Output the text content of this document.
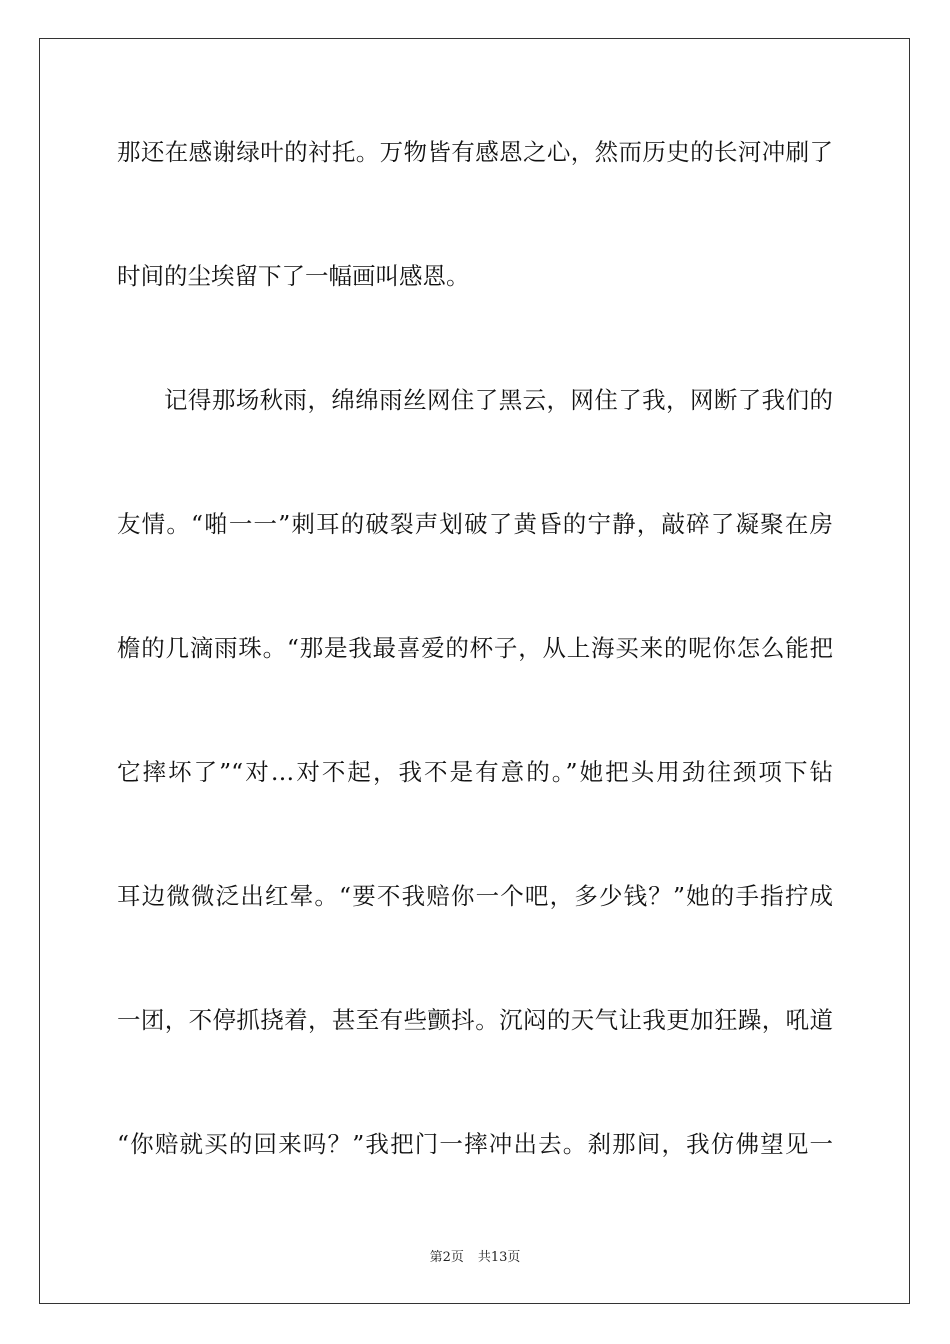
那还在感谢绿叶的衬托。万物皆有感恩之心，然而历史的长河冲刷了
时间的尘埃留下了一幅画叫感恩。
记得那场秋雨，绵绵雨丝网住了黑云，网住了我，网断了我们的
友情。“啪一一”刺耳的破裂声划破了黄昏的宁静，敲碎了凝聚在房
檐的几滴雨珠。“那是我最喜爱的杯子，从上海买来的呢你怎么能把
它摔坏了”“对…对不起，我不是有意的。”她把头用劲往颈项下钻
耳边微微泛出红晕。“要不我赔你一个吧，多少钱？”她的手指拧成
一团，不停抓挠着，甚至有些颤抖。沉闷的天气让我更加狂躁，吼道
“你赔就买的回来吗？”我把门一摔冲出去。刹那间，我仿佛望见一
第2页 共13页
